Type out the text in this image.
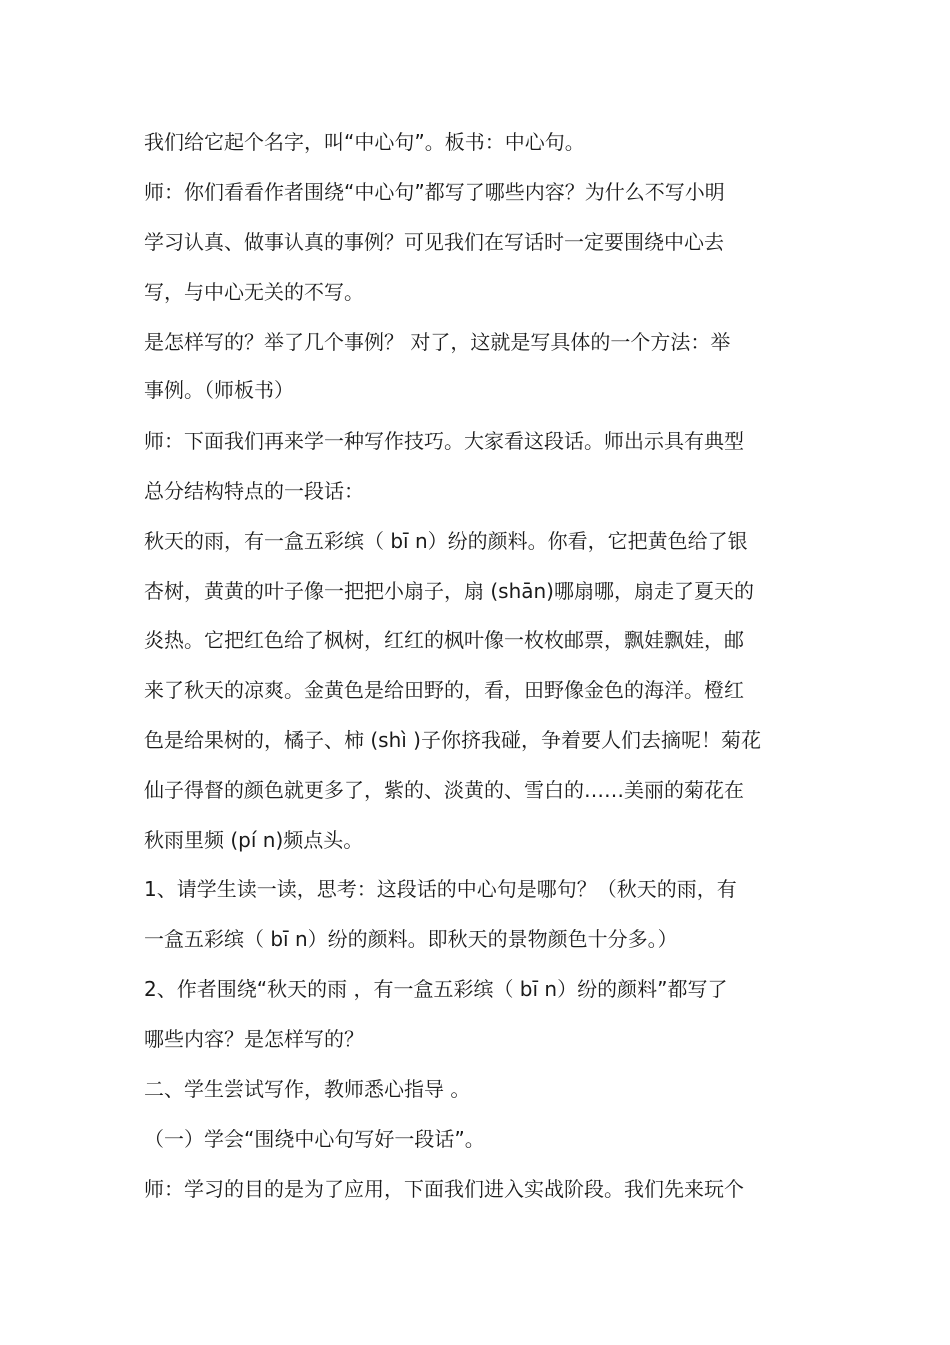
我们给它起个名字，叫“中心句”。板书：中心句。
师：你们看看作者围绕“中心句”都写了哪些内容？为什么不写小明
学习认真、做事认真的事例？可见我们在写话时一定要围绕中心去
写，与中心无关的不写。
是怎样写的？举了几个事例？ 对了，这就是写具体的一个方法：举
事例。（师板书）
师：下面我们再来学一种写作技巧。大家看这段话。师出示具有典型
总分结构特点的一段话：
秋天的雨，有一盒五彩缤（ bī n）纷的颜料。你看，它把黄色给了银
杏树，黄黄的叶子像一把把小扇子，扇 (shān)哪扇哪，扇走了夏天的
炎热。它把红色给了枫树，红红的枫叶像一枚枚邮票，飘娃飘娃，邮
来了秋天的凉爽。金黄色是给田野的，看，田野像金色的海洋。橙红
色是给果树的，橘子、柿 (shì )子你挤我碰，争着要人们去摘呢！菊花
仙子得督的颜色就更多了，紫的、淡黄的、雪白的……美丽的菊花在
秋雨里频 (pí n)频点头。
1、请学生读一读，思考：这段话的中心句是哪句？（秋天的雨，有
一盒五彩缤（ bī n）纷的颜料。即秋天的景物颜色十分多。）
2、作者围绕“秋天的雨 ，有一盒五彩缤（ bī n）纷的颜料”都写了
哪些内容？是怎样写的？
二、学生尝试写作，教师悉心指导 。
（一）学会“围绕中心句写好一段话”。
师：学习的目的是为了应用，下面我们进入实战阶段。我们先来玩个
